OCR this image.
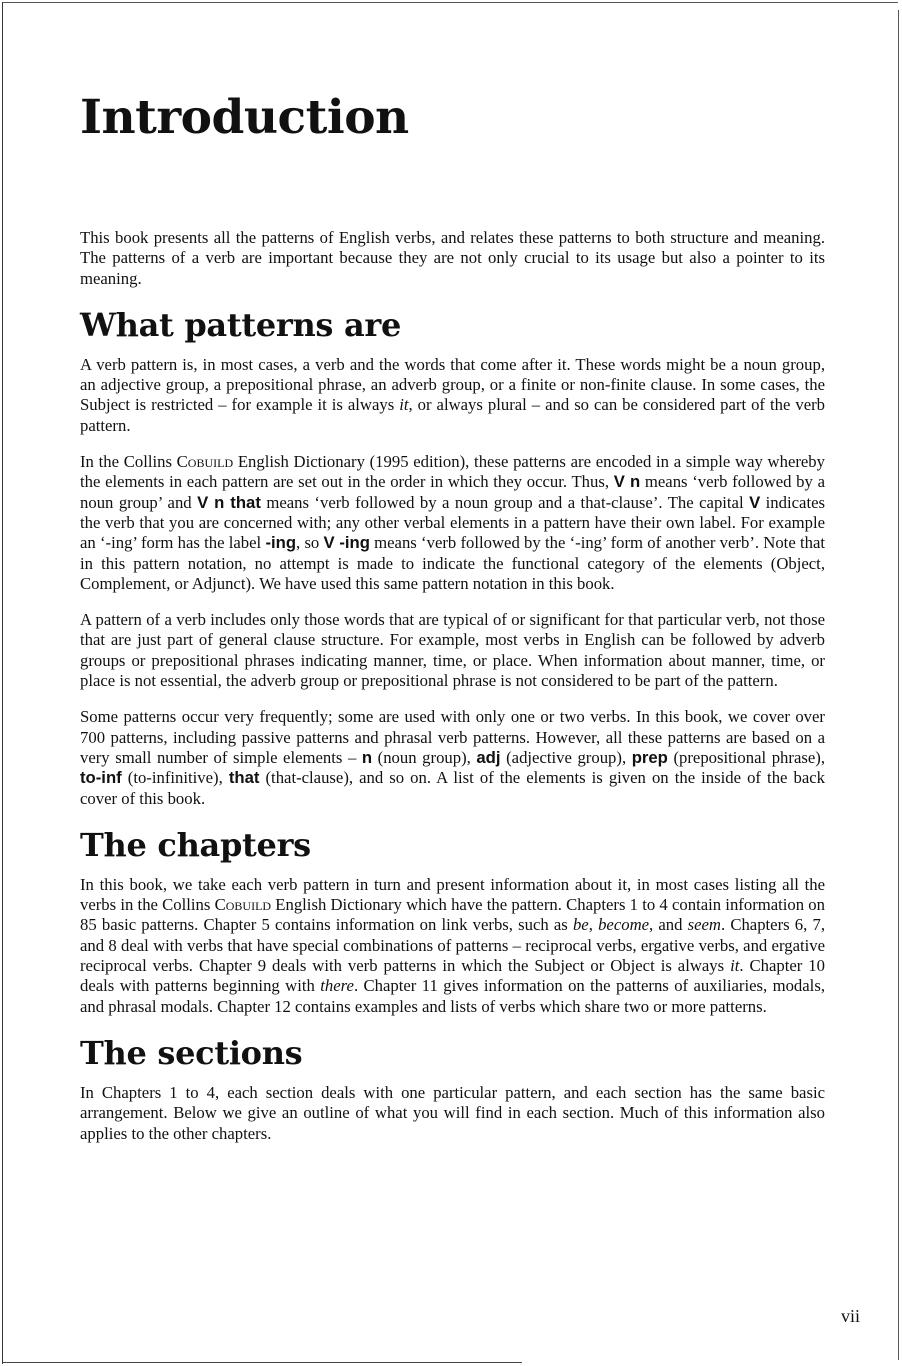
Introduction

This book presents all the patterns of English verbs, and relates these patterns to both structure and meaning. The patterns of a verb are important because they are not only crucial to its usage but also a pointer to its meaning.

What patterns are

A verb pattern is, in most cases, a verb and the words that come after it. These words might be a noun group, an adjective group, a prepositional phrase, an adverb group, or a finite or non-finite clause. In some cases, the Subject is restricted – for example it is always it, or always plural – and so can be considered part of the verb pattern.

In the Collins Cobuild English Dictionary (1995 edition), these patterns are encoded in a simple way whereby the elements in each pattern are set out in the order in which they occur. Thus, V n means ‘verb followed by a noun group’ and V n that means ‘verb followed by a noun group and a that-clause’. The capital V indicates the verb that you are concerned with; any other verbal elements in a pattern have their own label. For example an ‘-ing’ form has the label -ing, so V -ing means ‘verb followed by the ‘-ing’ form of another verb’. Note that in this pattern notation, no attempt is made to indicate the functional category of the elements (Object, Complement, or Adjunct). We have used this same pattern notation in this book.

A pattern of a verb includes only those words that are typical of or significant for that particular verb, not those that are just part of general clause structure. For example, most verbs in English can be followed by adverb groups or prepositional phrases indicating manner, time, or place. When information about manner, time, or place is not essential, the adverb group or prepositional phrase is not considered to be part of the pattern.

Some patterns occur very frequently; some are used with only one or two verbs. In this book, we cover over 700 patterns, including passive patterns and phrasal verb patterns. However, all these patterns are based on a very small number of simple elements – n (noun group), adj (adjective group), prep (prepositional phrase), to-inf (to-infinitive), that (that-clause), and so on. A list of the elements is given on the inside of the back cover of this book.

The chapters

In this book, we take each verb pattern in turn and present information about it, in most cases listing all the verbs in the Collins Cobuild English Dictionary which have the pattern. Chapters 1 to 4 contain information on 85 basic patterns. Chapter 5 contains information on link verbs, such as be, become, and seem. Chapters 6, 7, and 8 deal with verbs that have special combinations of patterns – reciprocal verbs, ergative verbs, and ergative reciprocal verbs. Chapter 9 deals with verb patterns in which the Subject or Object is always it. Chapter 10 deals with patterns beginning with there. Chapter 11 gives information on the patterns of auxiliaries, modals, and phrasal modals. Chapter 12 contains examples and lists of verbs which share two or more patterns.

The sections

In Chapters 1 to 4, each section deals with one particular pattern, and each section has the same basic arrangement. Below we give an outline of what you will find in each section. Much of this information also applies to the other chapters.

vii
